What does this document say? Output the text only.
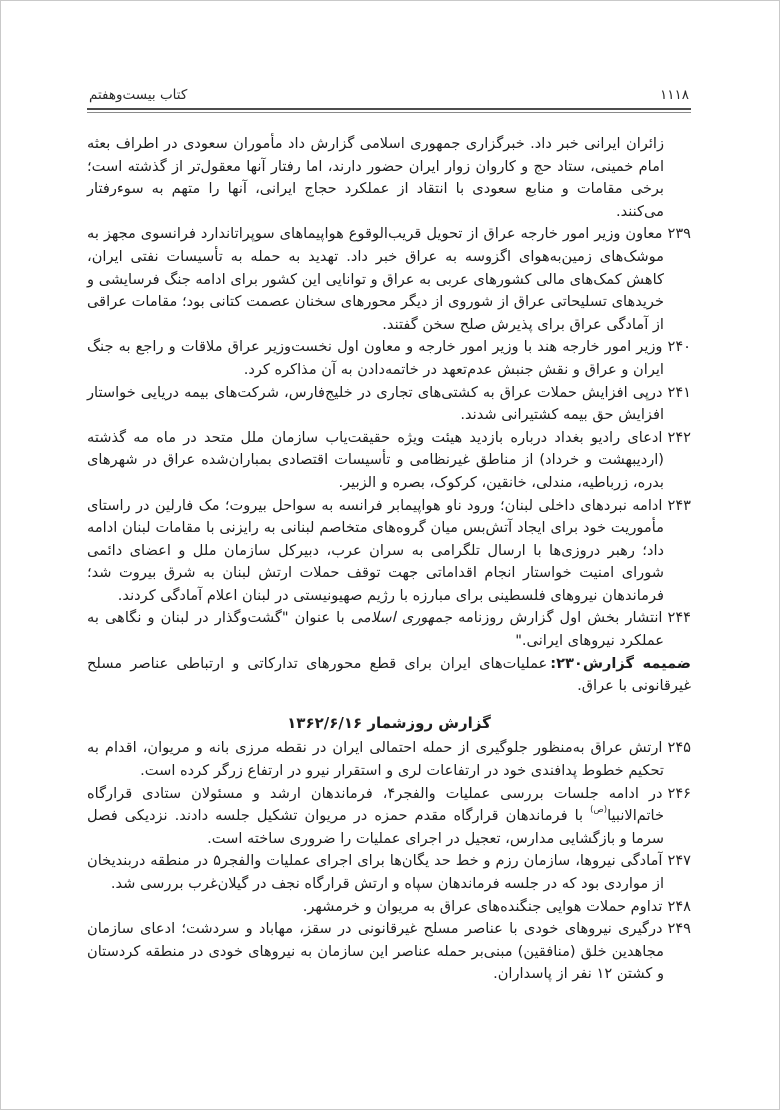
۱۱۱۸
کتاب بیست‌وهفتم

زائران ایرانی خبر داد. خبرگزاری جمهوری اسلامی گزارش داد مأموران سعودی در اطراف بعثه امام خمینی، ستاد حج و کاروان زوار ایران حضور دارند، اما رفتار آنها معقول‌تر از گذشته است؛ برخی مقامات و منابع سعودی با انتقاد از عملکرد حجاج ایرانی، آنها را متهم به سوءرفتار می‌کنند.

۲۳۹معاون وزیر امور خارجه عراق از تحویل قریب‌الوقوع هواپیماهای سوپراتاندارد فرانسوی مجهز به موشک‌های زمین‌به‌هوای اگزوسه به عراق خبر داد. تهدید به حمله به تأسیسات نفتی ایران، کاهش کمک‌های مالی کشورهای عربی به عراق و توانایی این کشور برای ادامه جنگ فرسایشی و خریدهای تسلیحاتی عراق از شوروی از دیگر محورهای سخنان عصمت کتانی بود؛ مقامات عراقی از آمادگی عراق برای پذیرش صلح سخن گفتند.

۲۴۰وزیر امور خارجه هند با وزیر امور خارجه و معاون اول نخست‌وزیر عراق ملاقات و راجع به جنگ ایران و عراق و نقش جنبش عدم‌تعهد در خاتمه‌دادن به آن مذاکره کرد.

۲۴۱درپی افزایش حملات عراق به کشتی‌های تجاری در خلیج‌فارس، شرکت‌های بیمه دریایی خواستار افزایش حق بیمه کشتیرانی شدند.

۲۴۲ادعای رادیو بغداد درباره بازدید هیئت ویژه حقیقت‌یاب سازمان ملل متحد در ماه مه گذشته (اردیبهشت و خرداد) از مناطق غیرنظامی و تأسیسات اقتصادی بمباران‌شده عراق در شهرهای بدره، زرباطیه، مندلی، خانقین، کرکوک، بصره و الزبیر.

۲۴۳ادامه نبردهای داخلی لبنان؛ ورود ناو هواپیمابر فرانسه به سواحل بیروت؛ مک فارلین در راستای مأموریت خود برای ایجاد آتش‌بس میان گروه‌های متخاصم لبنانی به رایزنی با مقامات لبنان ادامه داد؛ رهبر دروزی‌ها با ارسال تلگرامی به سران عرب، دبیرکل سازمان ملل و اعضای دائمی شورای امنیت خواستار انجام اقداماتی جهت توقف حملات ارتش لبنان به شرق بیروت شد؛ فرماندهان نیروهای فلسطینی برای مبارزه با رژیم صهیونیستی در لبنان اعلام آمادگی کردند.

۲۴۴انتشار بخش اول گزارش روزنامه جمهوری اسلامی با عنوان "گشت‌وگذار در لبنان و نگاهی به عملکرد نیروهای ایرانی."

ضمیمه گزارش۲۳۰:عملیات‌های ایران برای قطع محورهای تدارکاتی و ارتباطی عناصر مسلح غیرقانونی با عراق.

گزارش روزشمار ۱۳۶۲/۶/۱۶

۲۴۵ارتش عراق به‌منظور جلوگیری از حمله احتمالی ایران در نقطه مرزی بانه و مریوان، اقدام به تحکیم خطوط پدافندی خود در ارتفاعات لری و استقرار نیرو در ارتفاع زرگر کرده است.

۲۴۶در ادامه جلسات بررسی عملیات والفجر۴، فرماندهان ارشد و مسئولان ستادی قرارگاه خاتم‌الانبیا$^{(ص)}$ با فرماندهان قرارگاه مقدم حمزه در مریوان تشکیل جلسه دادند. نزدیکی فصل سرما و بازگشایی مدارس، تعجیل در اجرای عملیات را ضروری ساخته است.

۲۴۷آمادگی نیروها، سازمان رزم و خط حد یگان‌ها برای اجرای عملیات والفجر۵ در منطقه دربندیخان از مواردی بود که در جلسه فرماندهان سپاه و ارتش قرارگاه نجف در گیلان‌غرب بررسی شد.

۲۴۸تداوم حملات هوایی جنگنده‌های عراق به مریوان و خرمشهر.

۲۴۹درگیری نیروهای خودی با عناصر مسلح غیرقانونی در سقز، مهاباد و سردشت؛ ادعای سازمان مجاهدین خلق (منافقین) مبنی‌بر حمله عناصر این سازمان به نیروهای خودی در منطقه کردستان و کشتن ۱۲ نفر از پاسداران.
